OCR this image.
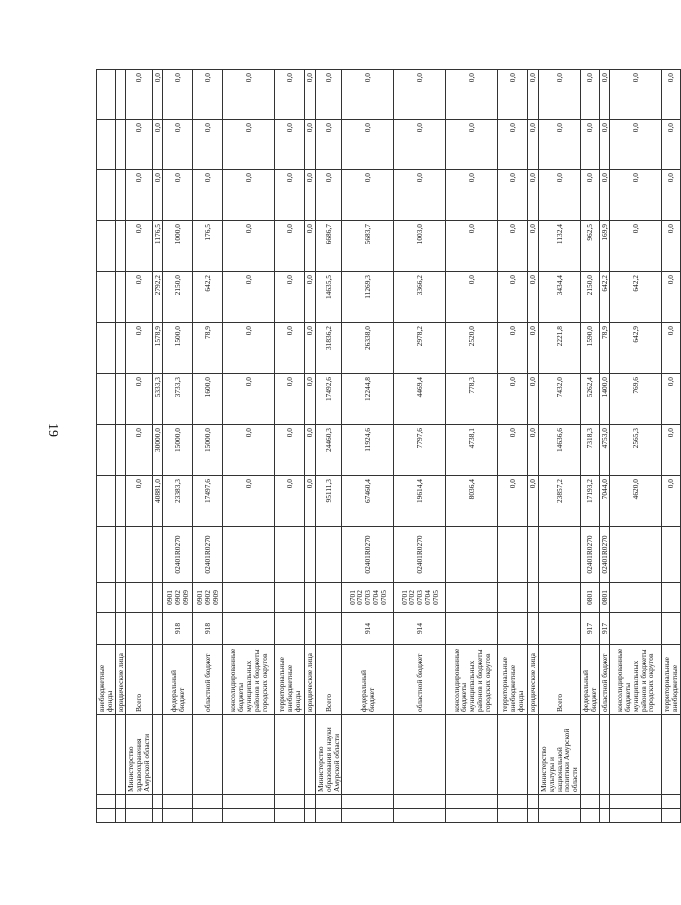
19
			внебюджетные фонды												
			юридические лица												
		Министерство здравоохранения Амурской области	Всего				0,0	0,0	0,0	0,0	0,0	0,0	0,0	0,0	0,0
							40881,0	30000,0	5333,3	1578,9	2792,2	1176,5	0,0	0,0	0,0
			федеральный бюджет	918	0901
0902
0909	02401R0270	23383,3	15000,0	3733,3	1500,0	2150,0	1000,0	0,0	0,0	0,0
			областной бюджет	918	0901
0902
0909	02401R0270	17497,6	15000,0	1600,0	78,9	642,2	176,5	0,0	0,0	0,0
			консолидированные бюджеты муниципальных районов и бюджеты городских округов				0,0	0,0	0,0	0,0	0,0	0,0	0,0	0,0	0,0
			территориальные внебюджетные фонды				0,0	0,0	0,0	0,0	0,0	0,0	0,0	0,0	0,0
			юридические лица				0,0	0,0	0,0	0,0	0,0	0,0	0,0	0,0	0,0
		Министерство образования и науки Амурской области	Всего				95111,3	24460,3	17492,6	31836,2	14635,5	6686,7	0,0	0,0	0,0
			федеральный бюджет	914	0701
0702
0703
0704
0705	02401R0270	67460,4	11924,6	12244,8	26338,0	11269,3	5683,7	0,0	0,0	0,0
			областной бюджет	914	0701
0702
0703
0704
0705	02401R0270	19614,4	7797,6	4469,4	2978,2	3366,2	1003,0	0,0	0,0	0,0
			консолидированные бюджеты муниципальных районов и бюджеты городских округов				8036,4	4738,1	778,3	2520,0	0,0	0,0	0,0	0,0	0,0
			территориальные внебюджетные фонды				0,0	0,0	0,0	0,0	0,0	0,0	0,0	0,0	0,0
			юридические лица				0,0	0,0	0,0	0,0	0,0	0,0	0,0	0,0	0,0
		Министерство культуры и национальной политики Амурской области	Всего				23857,2	14636,6	7432,0	2221,8	3434,4	1132,4	0,0	0,0	0,0
			федеральный бюджет	917	0801	02401R0270	17193,2	7318,3	5262,4	1590,0	2150,0	962,5	0,0	0,0	0,0
			областной бюджет	917	0801	02401R0270	7044,0	4753,0	1400,0	78,9	642,2	169,9	0,0	0,0	0,0
			консолидированные бюджеты муниципальных районов и бюджеты городских округов				4620,0	2565,3	769,6	642,9	642,2	0,0	0,0	0,0	0,0
			территориальные внебюджетные				0,0	0,0	0,0	0,0	0,0	0,0	0,0	0,0	0,0
